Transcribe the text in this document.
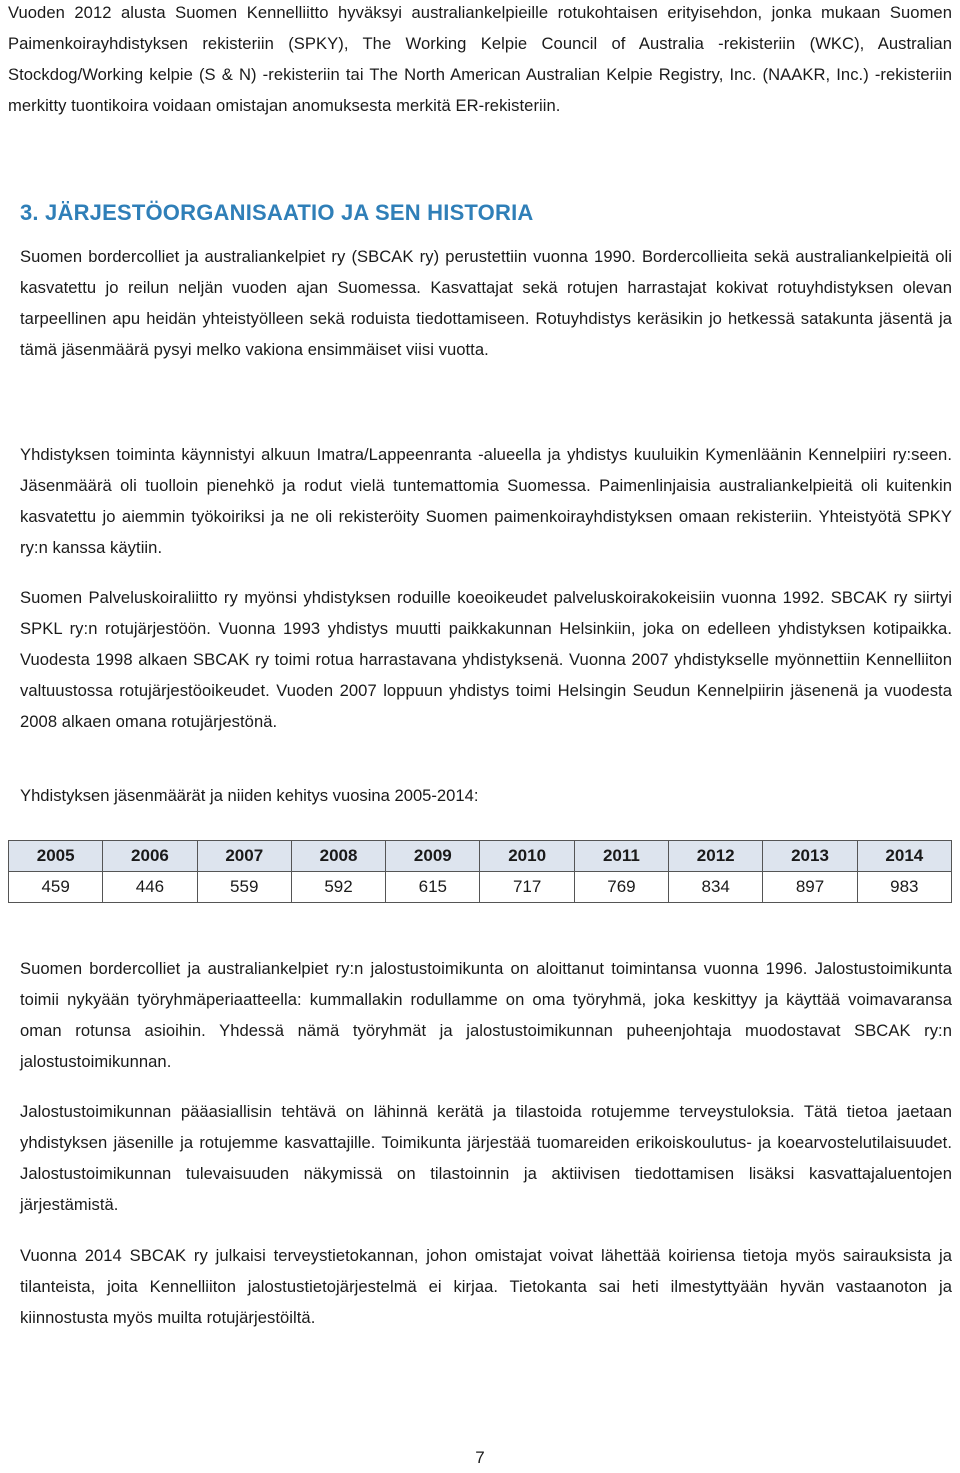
Vuoden 2012 alusta Suomen Kennelliitto hyväksyi australiankelpieille rotukohtaisen erityisehdon, jonka mukaan Suomen Paimenkoirayhdistyksen rekisteriin (SPKY), The Working Kelpie Council of Australia -rekisteriin (WKC), Australian Stockdog/Working kelpie (S & N) -rekisteriin tai The North American Australian Kelpie Registry, Inc. (NAAKR, Inc.) -rekisteriin merkitty tuontikoira voidaan omistajan anomuksesta merkitä ER-rekisteriin.

3. JÄRJESTÖORGANISAATIO JA SEN HISTORIA

Suomen bordercolliet ja australiankelpiet ry (SBCAK ry) perustettiin vuonna 1990. Bordercollieita sekä australiankelpieitä oli kasvatettu jo reilun neljän vuoden ajan Suomessa. Kasvattajat sekä rotujen harrastajat kokivat rotuyhdistyksen olevan tarpeellinen apu heidän yhteistyölleen sekä roduista tiedottamiseen. Rotuyhdistys keräsikin jo hetkessä satakunta jäsentä ja tämä jäsenmäärä pysyi melko vakiona ensimmäiset viisi vuotta.

Yhdistyksen toiminta käynnistyi alkuun Imatra/Lappeenranta -alueella ja yhdistys kuuluikin Kymenläänin Kennelpiiri ry:seen. Jäsenmäärä oli tuolloin pienehkö ja rodut vielä tuntemattomia Suomessa. Paimenlinjaisia australiankelpieitä oli kuitenkin kasvatettu jo aiemmin työkoiriksi ja ne oli rekisteröity Suomen paimenkoirayhdistyksen omaan rekisteriin. Yhteistyötä SPKY ry:n kanssa käytiin.

Suomen Palveluskoiraliitto ry myönsi yhdistyksen roduille koeoikeudet palveluskoirakokeisiin vuonna 1992. SBCAK ry siirtyi SPKL ry:n rotujärjestöön. Vuonna 1993 yhdistys muutti paikkakunnan Helsinkiin, joka on edelleen yhdistyksen kotipaikka. Vuodesta 1998 alkaen SBCAK ry toimi rotua harrastavana yhdistyksenä. Vuonna 2007 yhdistykselle myönnettiin Kennelliiton valtuustossa rotujärjestöoikeudet. Vuoden 2007 loppuun yhdistys toimi Helsingin Seudun Kennelpiirin jäsenenä ja vuodesta 2008 alkaen omana rotujärjestönä.

Yhdistyksen jäsenmäärät ja niiden kehitys vuosina 2005-2014:

2005	2006	2007	2008	2009	2010	2011	2012	2013	2014
459	446	559	592	615	717	769	834	897	983

Suomen bordercolliet ja australiankelpiet ry:n jalostustoimikunta on aloittanut toimintansa vuonna 1996. Jalostustoimikunta toimii nykyään työryhmäperiaatteella: kummallakin rodullamme on oma työryhmä, joka keskittyy ja käyttää voimavaransa oman rotunsa asioihin. Yhdessä nämä työryhmät ja jalostustoimikunnan puheenjohtaja muodostavat SBCAK ry:n jalostustoimikunnan.

Jalostustoimikunnan pääasiallisin tehtävä on lähinnä kerätä ja tilastoida rotujemme terveystuloksia. Tätä tietoa jaetaan yhdistyksen jäsenille ja rotujemme kasvattajille. Toimikunta järjestää tuomareiden erikoiskoulutus- ja koearvostelutilaisuudet. Jalostustoimikunnan tulevaisuuden näkymissä on tilastoinnin ja aktiivisen tiedottamisen lisäksi kasvattajaluentojen järjestämistä.

Vuonna 2014 SBCAK ry julkaisi terveystietokannan, johon omistajat voivat lähettää koiriensa tietoja myös sairauksista ja tilanteista, joita Kennelliiton jalostustietojärjestelmä ei kirjaa. Tietokanta sai heti ilmestyttyään hyvän vastaanoton ja kiinnostusta myös muilta rotujärjestöiltä.

7
